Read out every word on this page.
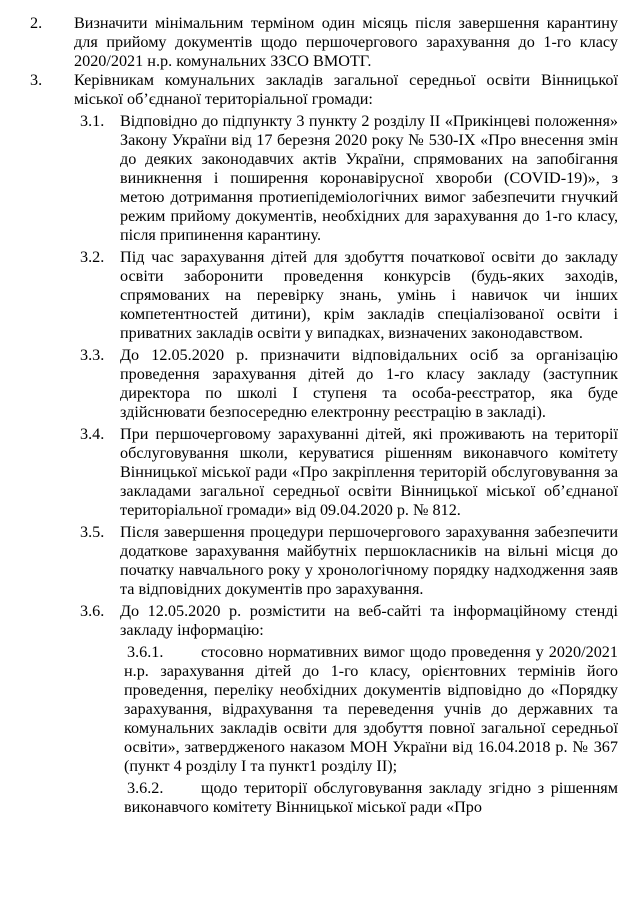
2.	Визначити мінімальним терміном один місяць після завершення карантину для прийому документів щодо першочергового зарахування до 1-го класу 2020/2021 н.р. комунальних ЗЗСО ВМОТГ.
3.	Керівникам комунальних закладів загальної середньої освіти Вінницької міської об’єднаної територіальної громади:
3.1. Відповідно до підпункту 3 пункту 2 розділу ІІ «Прикінцеві положення» Закону України від 17 березня 2020 року № 530-IX «Про внесення змін до деяких законодавчих актів України, спрямованих на запобігання виникнення і поширення коронавірусної хвороби (COVID-19)», з метою дотримання протиепідеміологічних вимог забезпечити гнучкий режим прийому документів, необхідних для зарахування до 1-го класу, після припинення карантину.
3.2. Під час зарахування дітей для здобуття початкової освіти до закладу освіти заборонити проведення конкурсів (будь-яких заходів, спрямованих на перевірку знань, умінь і навичок чи інших компетентностей дитини), крім закладів спеціалізованої освіти і приватних закладів освіти у випадках, визначених законодавством.
3.3. До 12.05.2020 р. призначити відповідальних осіб за організацію проведення зарахування дітей до 1-го класу закладу (заступник директора по школі І ступеня та особа-реєстратор, яка буде здійснювати безпосередню електронну реєстрацію в закладі).
3.4. При першочерговому зарахуванні дітей, які проживають на території обслуговування школи, керуватися рішенням виконавчого комітету Вінницької міської ради «Про закріплення територій обслуговування за закладами загальної середньої освіти Вінницької міської об’єднаної територіальної громади» від 09.04.2020 р. № 812.
3.5. Після завершення процедури першочергового зарахування забезпечити додаткове зарахування майбутніх першокласників на вільні місця до початку навчального року у хронологічному порядку надходження заяв та відповідних документів про зарахування.
3.6. До 12.05.2020 р. розмістити на веб-сайті та інформаційному стенді закладу інформацію:
3.6.1. стосовно нормативних вимог щодо проведення у 2020/2021 н.р. зарахування дітей до 1-го класу, орієнтовних термінів його проведення, переліку необхідних документів відповідно до «Порядку зарахування, відрахування та переведення учнів до державних та комунальних закладів освіти для здобуття повної загальної середньої освіти», затвердженого наказом МОН України від 16.04.2018 р. № 367 (пункт 4 розділу І та пункт1 розділу ІІ);
3.6.2. щодо території обслуговування закладу згідно з рішенням виконавчого комітету Вінницької міської ради «Про
